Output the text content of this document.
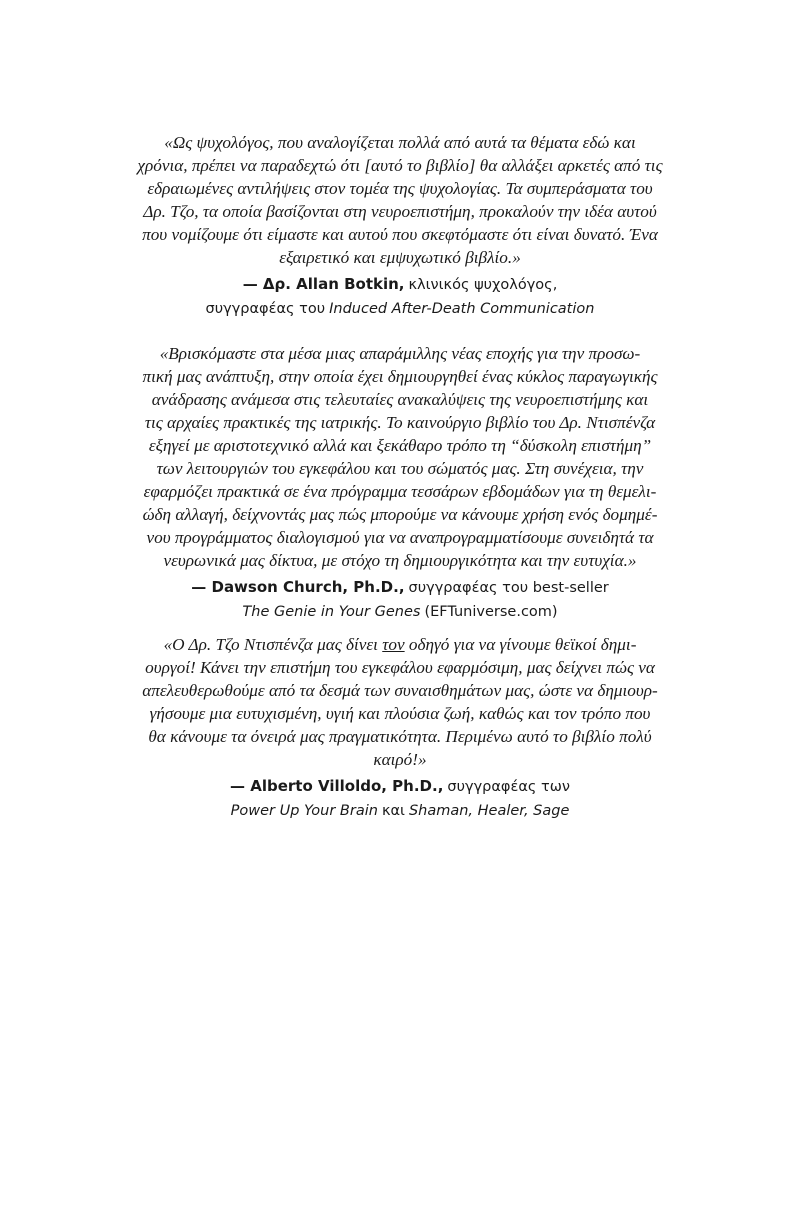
«Ως ψυχολόγος, που αναλογίζεται πολλά από αυτά τα θέματα εδώ και
χρόνια, πρέπει να παραδεχτώ ότι [αυτό το βιβλίο] θα αλλάξει αρκετές από τις
εδραιωμένες αντιλήψεις στον τομέα της ψυχολογίας. Τα συμπεράσματα του
Δρ. Τζο, τα οποία βασίζονται στη νευροεπιστήμη, προκαλούν την ιδέα αυτού
που νομίζουμε ότι είμαστε και αυτού που σκεφτόμαστε ότι είναι δυνατό. Ένα
εξαιρετικό και εμψυχωτικό βιβλίο.»

— Δρ. Allan Botkin, κλινικός ψυχολόγος,
συγγραφέας του Induced After-Death Communication

«Βρισκόμαστε στα μέσα μιας απαράμιλλης νέας εποχής για την προσω-
πική μας ανάπτυξη, στην οποία έχει δημιουργηθεί ένας κύκλος παραγωγικής
ανάδρασης ανάμεσα στις τελευταίες ανακαλύψεις της νευροεπιστήμης και
τις αρχαίες πρακτικές της ιατρικής. Το καινούργιο βιβλίο του Δρ. Ντισπένζα
εξηγεί με αριστοτεχνικό αλλά και ξεκάθαρο τρόπο τη “δύσκολη επιστήμη”
των λειτουργιών του εγκεφάλου και του σώματός μας. Στη συνέχεια, την
εφαρμόζει πρακτικά σε ένα πρόγραμμα τεσσάρων εβδομάδων για τη θεμελι-
ώδη αλλαγή, δείχνοντάς μας πώς μπορούμε να κάνουμε χρήση ενός δομημέ-
νου προγράμματος διαλογισμού για να αναπρογραμματίσουμε συνειδητά τα
νευρωνικά μας δίκτυα, με στόχο τη δημιουργικότητα και την ευτυχία.»

— Dawson Church, Ph.D., συγγραφέας του best-seller
The Genie in Your Genes (EFTuniverse.com)

«Ο Δρ. Τζο Ντισπένζα μας δίνει τον οδηγό για να γίνουμε θεϊκοί δημι-
ουργοί! Κάνει την επιστήμη του εγκεφάλου εφαρμόσιμη, μας δείχνει πώς να
απελευθερωθούμε από τα δεσμά των συναισθημάτων μας, ώστε να δημιουρ-
γήσουμε μια ευτυχισμένη, υγιή και πλούσια ζωή, καθώς και τον τρόπο που
θα κάνουμε τα όνειρά μας πραγματικότητα. Περιμένω αυτό το βιβλίο πολύ
καιρό!»

— Alberto Villoldo, Ph.D., συγγραφέας των
Power Up Your Brain και Shaman, Healer, Sage
